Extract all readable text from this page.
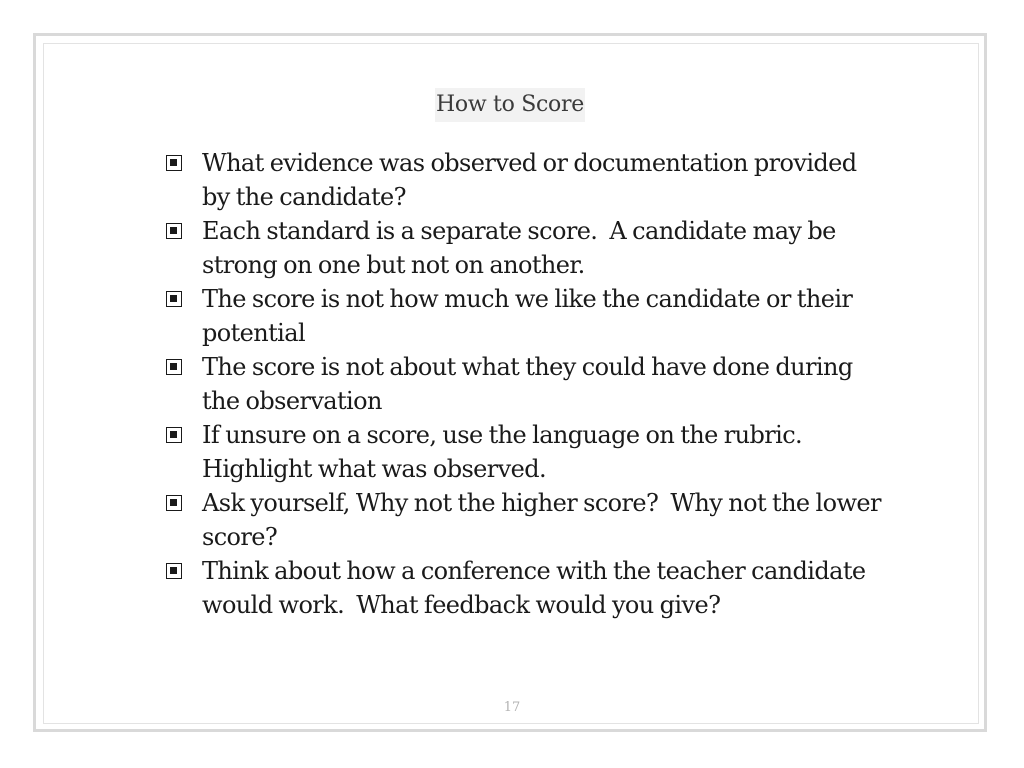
How to Score
What evidence was observed or documentation provided by the candidate?
Each standard is a separate score.  A candidate may be strong on one but not on another.
The score is not how much we like the candidate or their potential
The score is not about what they could have done during the observation
If unsure on a score, use the language on the rubric.  Highlight what was observed.
Ask yourself, Why not the higher score?  Why not the lower score?
Think about how a conference with the teacher candidate would work.  What feedback would you give?
17
